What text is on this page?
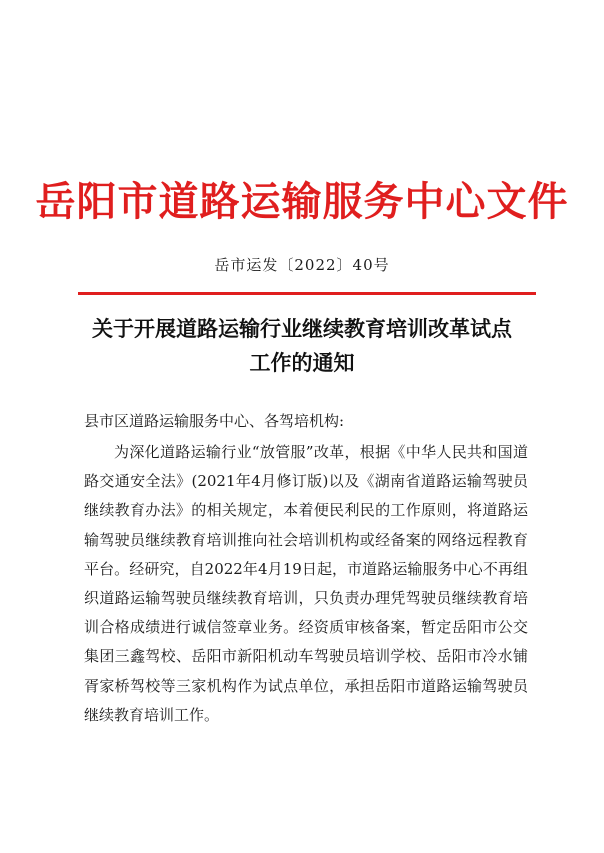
岳阳市道路运输服务中心文件
岳市运发〔2022〕40号
关于开展道路运输行业继续教育培训改革试点
工作的通知
县市区道路运输服务中心、各驾培机构:
为深化道路运输行业“放管服”改革，根据《中华人民共和国道路交通安全法》(2021年4月修订版)以及《湖南省道路运输驾驶员继续教育办法》的相关规定，本着便民利民的工作原则，将道路运输驾驶员继续教育培训推向社会培训机构或经备案的网络远程教育平台。经研究，自2022年4月19日起，市道路运输服务中心不再组织道路运输驾驶员继续教育培训，只负责办理凭驾驶员继续教育培训合格成绩进行诚信签章业务。经资质审核备案，暂定岳阳市公交集团三鑫驾校、岳阳市新阳机动车驾驶员培训学校、岳阳市冷水铺胥家桥驾校等三家机构作为试点单位，承担岳阳市道路运输驾驶员继续教育培训工作。
